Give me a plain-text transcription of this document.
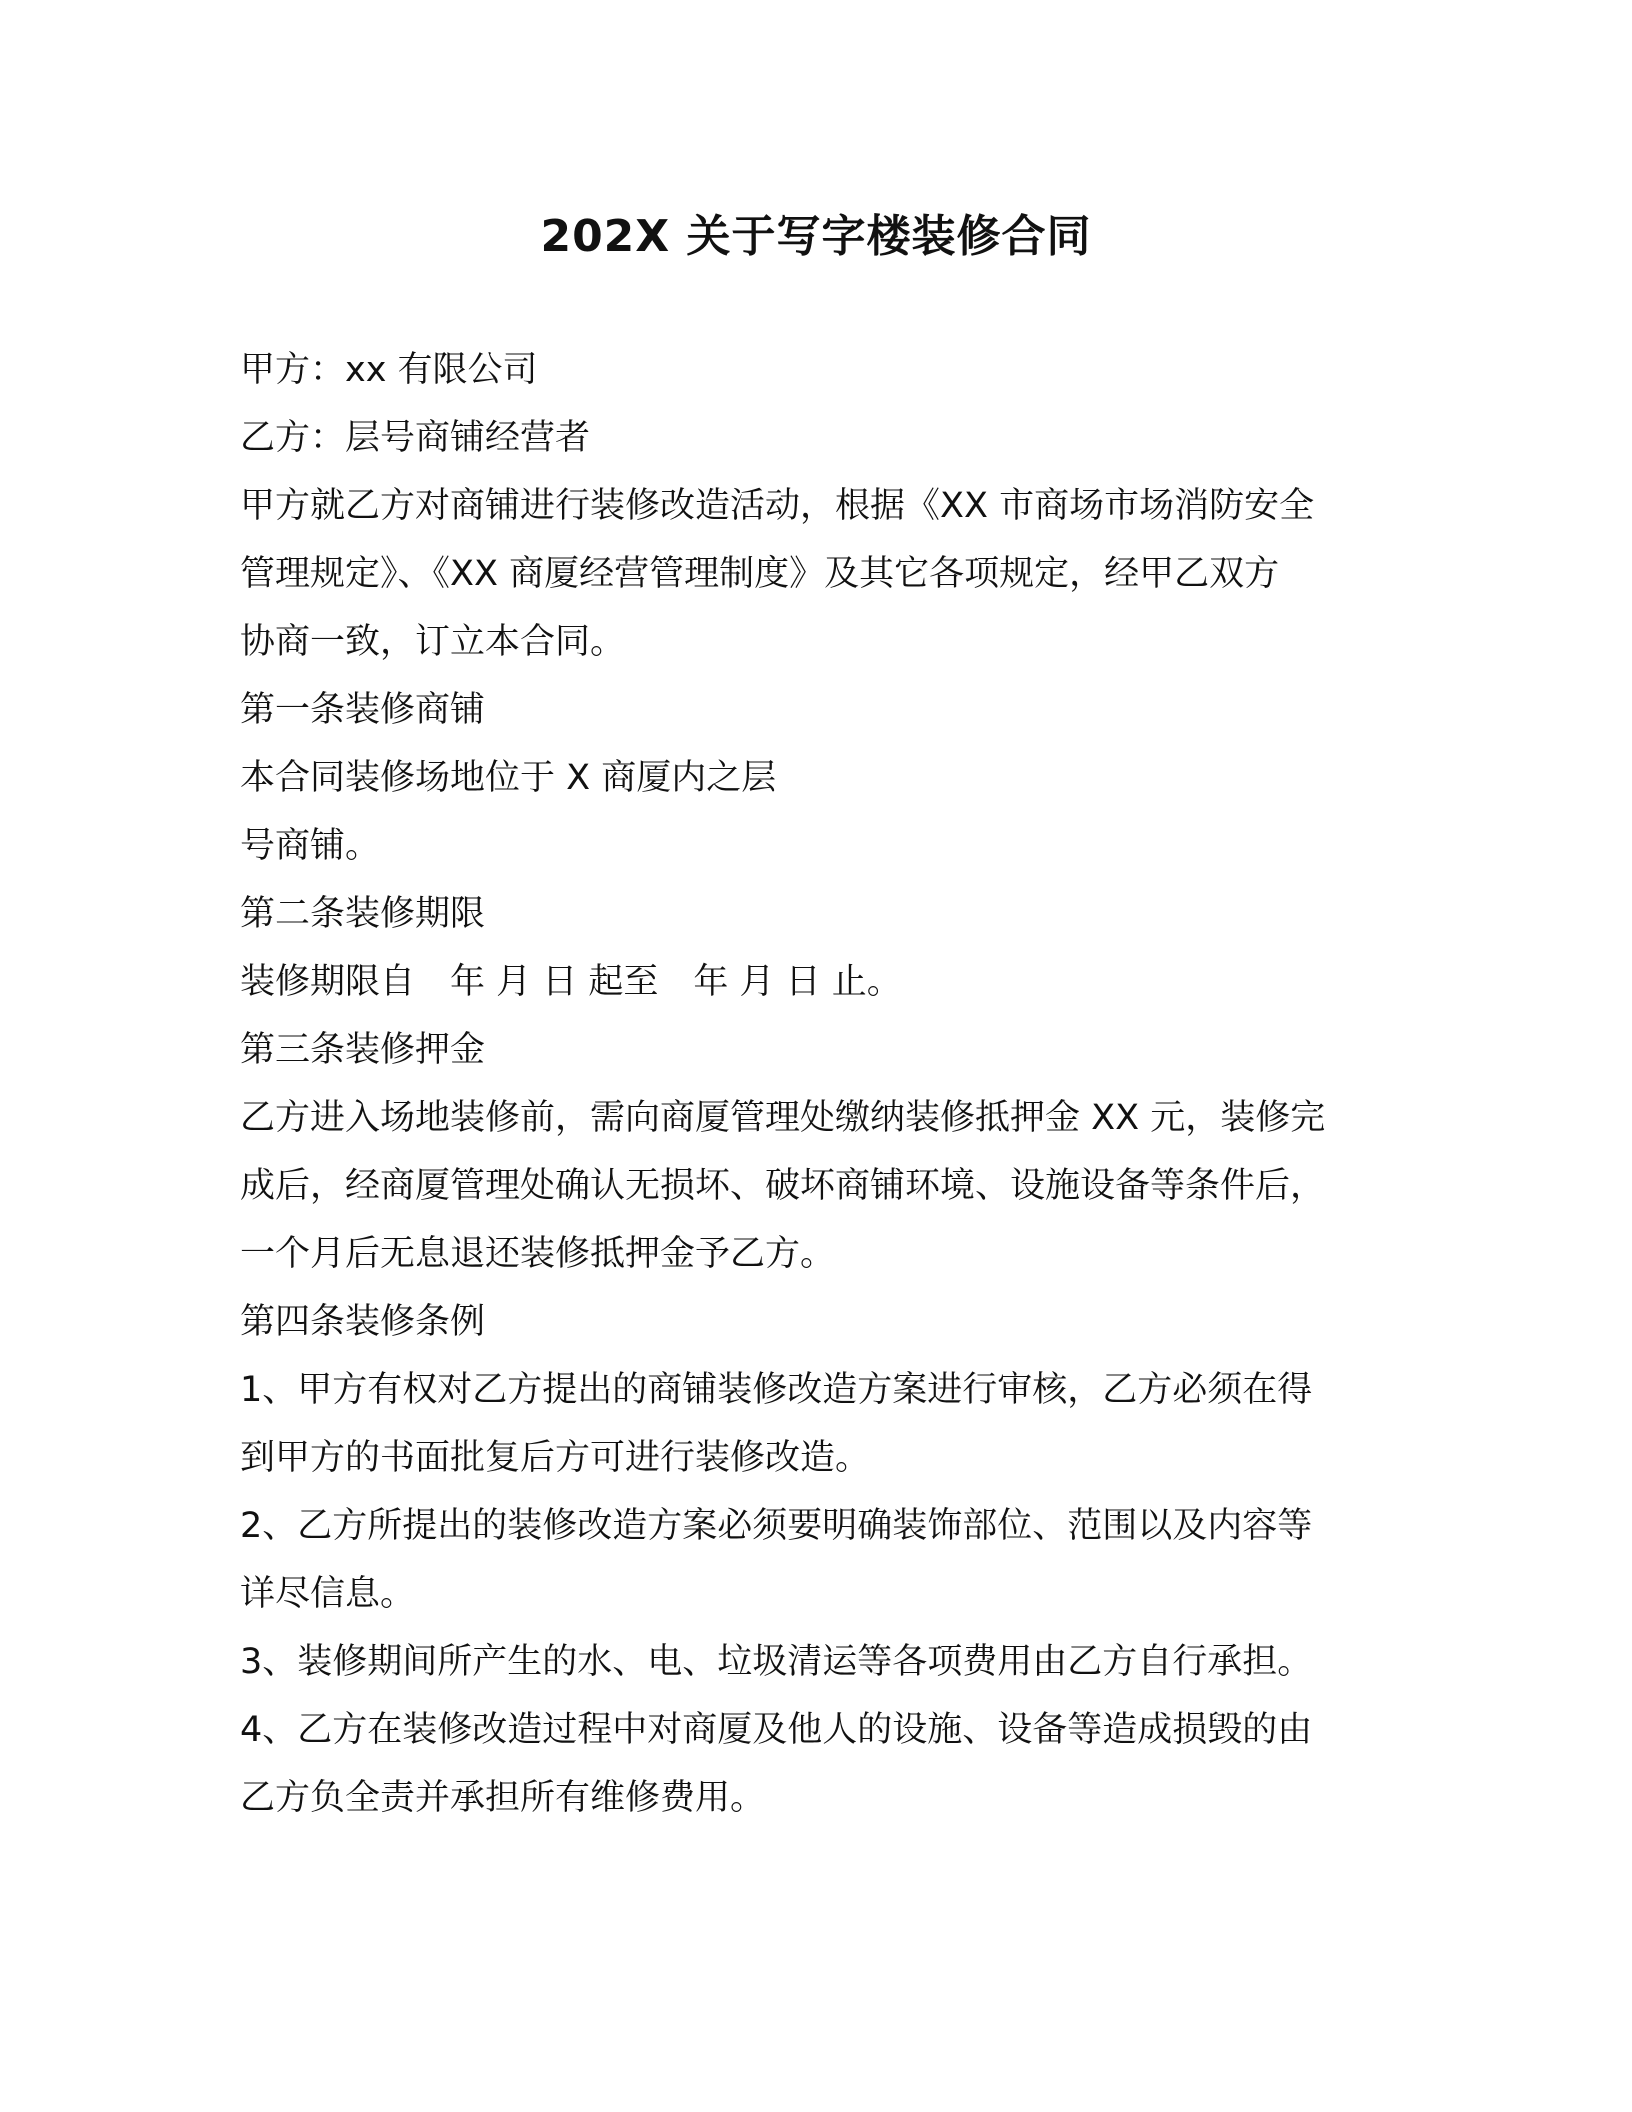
202X 关于写字楼装修合同
甲方：xx 有限公司
乙方：层号商铺经营者
甲方就乙方对商铺进行装修改造活动，根据《XX 市商场市场消防安全
管理规定》、《XX 商厦经营管理制度》及其它各项规定，经甲乙双方
协商一致，订立本合同。
第一条装修商铺
本合同装修场地位于 X 商厦内之层
号商铺。
第二条装修期限
装修期限自　年 月 日 起至　年 月 日 止。
第三条装修押金
乙方进入场地装修前，需向商厦管理处缴纳装修抵押金 XX 元，装修完
成后，经商厦管理处确认无损坏、破坏商铺环境、设施设备等条件后，
一个月后无息退还装修抵押金予乙方。
第四条装修条例
1、甲方有权对乙方提出的商铺装修改造方案进行审核，乙方必须在得
到甲方的书面批复后方可进行装修改造。
2、乙方所提出的装修改造方案必须要明确装饰部位、范围以及内容等
详尽信息。
3、装修期间所产生的水、电、垃圾清运等各项费用由乙方自行承担。
4、乙方在装修改造过程中对商厦及他人的设施、设备等造成损毁的由
乙方负全责并承担所有维修费用。
